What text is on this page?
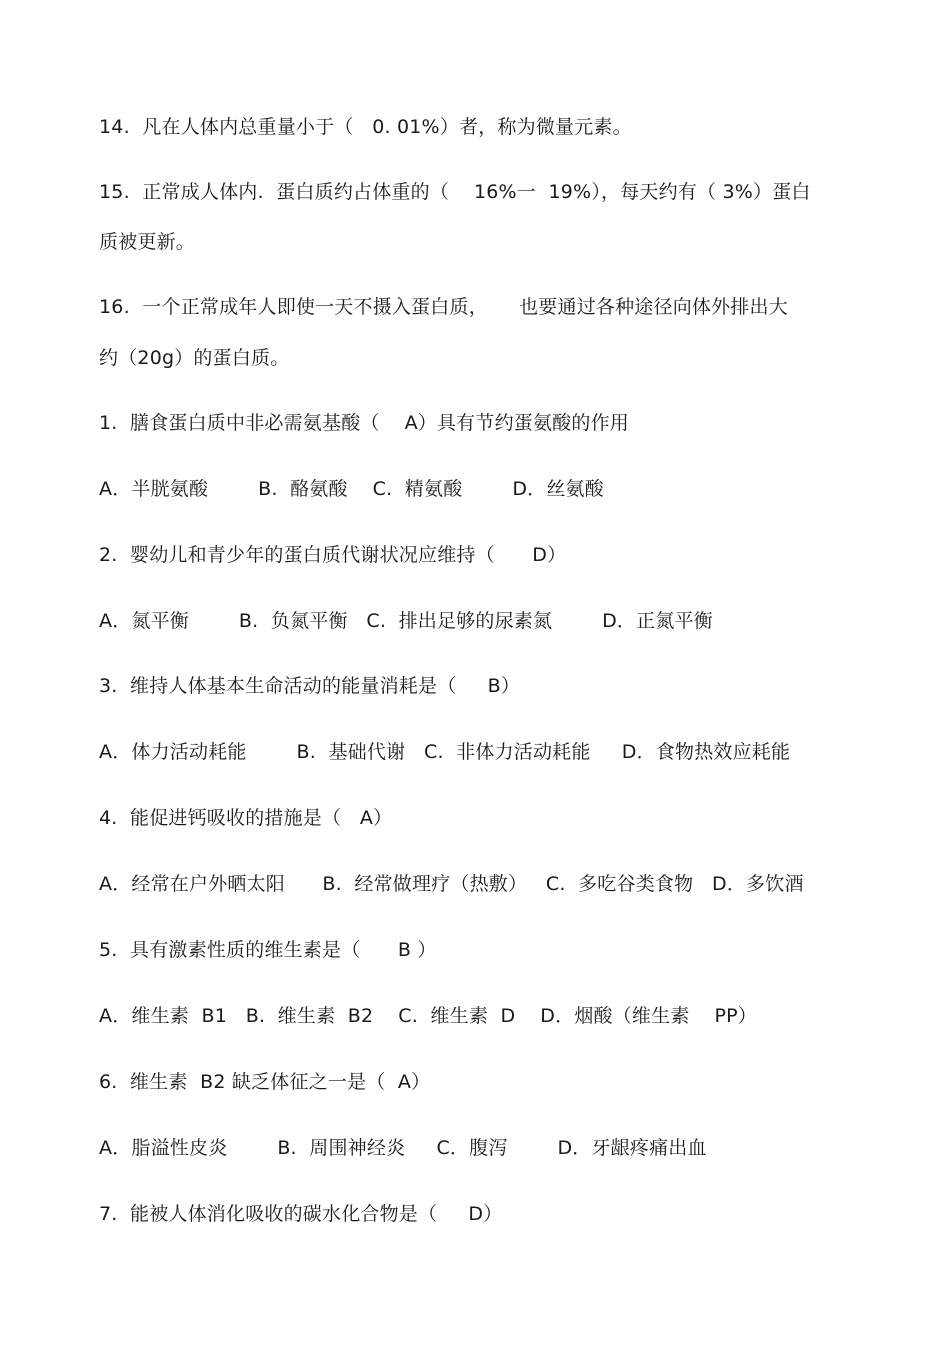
14.  凡在人体内总重量小于（   0. 01%）者，称为微量元素。
15.  正常成人体内.  蛋白质约占体重的（    16%一  19%），每天约有（ 3%）蛋白
质被更新。
16.  一个正常成年人即使一天不摄入蛋白质，     也要通过各种途径向体外排出大
约（20g）的蛋白质。
1.  膳食蛋白质中非必需氨基酸（    A）具有节约蛋氨酸的作用
A．半胱氨酸        B.  酪氨酸    C.  精氨酸        D．丝氨酸
2.  婴幼儿和青少年的蛋白质代谢状况应维持（      D）
A．氮平衡        B.  负氮平衡   C.  排出足够的尿素氮        D．正氮平衡
3.  维持人体基本生命活动的能量消耗是（     B）
A．体力活动耗能        B.  基础代谢   C.  非体力活动耗能     D．食物热效应耗能
4.  能促进钙吸收的措施是（   A）
A．经常在户外晒太阳      B.  经常做理疗（热敷）   C.  多吃谷类食物   D．多饮酒
5.  具有激素性质的维生素是（      B ）
A．维生素  B1   B.  维生素  B2    C.  维生素  D    D．烟酸（维生素    PP）
6.  维生素  B2 缺乏体征之一是（  A）
A．脂溢性皮炎        B.  周围神经炎     C．腹泻        D．牙龈疼痛出血
7.  能被人体消化吸收的碳水化合物是（     D）
